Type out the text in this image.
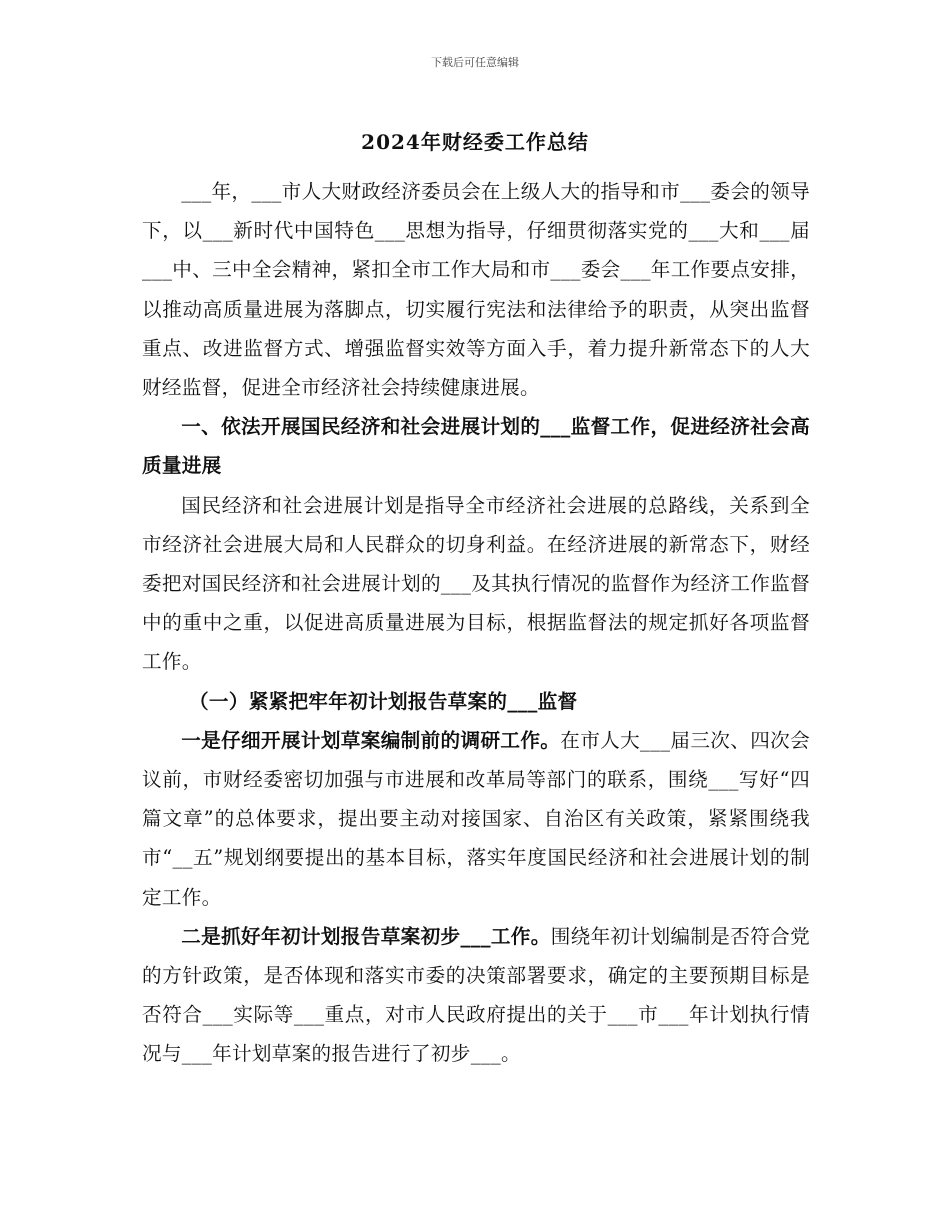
下载后可任意编辑
2024年财经委工作总结

___年，___市人大财政经济委员会在上级人大的指导和市___委会的领导下，以___新时代中国特色___思想为指导，仔细贯彻落实党的___大和___届___中、三中全会精神，紧扣全市工作大局和市___委会___年工作要点安排，以推动高质量进展为落脚点，切实履行宪法和法律给予的职责，从突出监督重点、改进监督方式、增强监督实效等方面入手，着力提升新常态下的人大财经监督，促进全市经济社会持续健康进展。

一、依法开展国民经济和社会进展计划的___监督工作，促进经济社会高质量进展

国民经济和社会进展计划是指导全市经济社会进展的总路线，关系到全市经济社会进展大局和人民群众的切身利益。在经济进展的新常态下，财经委把对国民经济和社会进展计划的___及其执行情况的监督作为经济工作监督中的重中之重，以促进高质量进展为目标，根据监督法的规定抓好各项监督工作。

（一）紧紧把牢年初计划报告草案的___监督

一是仔细开展计划草案编制前的调研工作。在市人大___届三次、四次会议前，市财经委密切加强与市进展和改革局等部门的联系，围绕___写好“四篇文章”的总体要求，提出要主动对接国家、自治区有关政策，紧紧围绕我市“__五”规划纲要提出的基本目标，落实年度国民经济和社会进展计划的制定工作。

二是抓好年初计划报告草案初步___工作。围绕年初计划编制是否符合党的方针政策，是否体现和落实市委的决策部署要求，确定的主要预期目标是否符合___实际等___重点，对市人民政府提出的关于___市___年计划执行情况与___年计划草案的报告进行了初步___。
